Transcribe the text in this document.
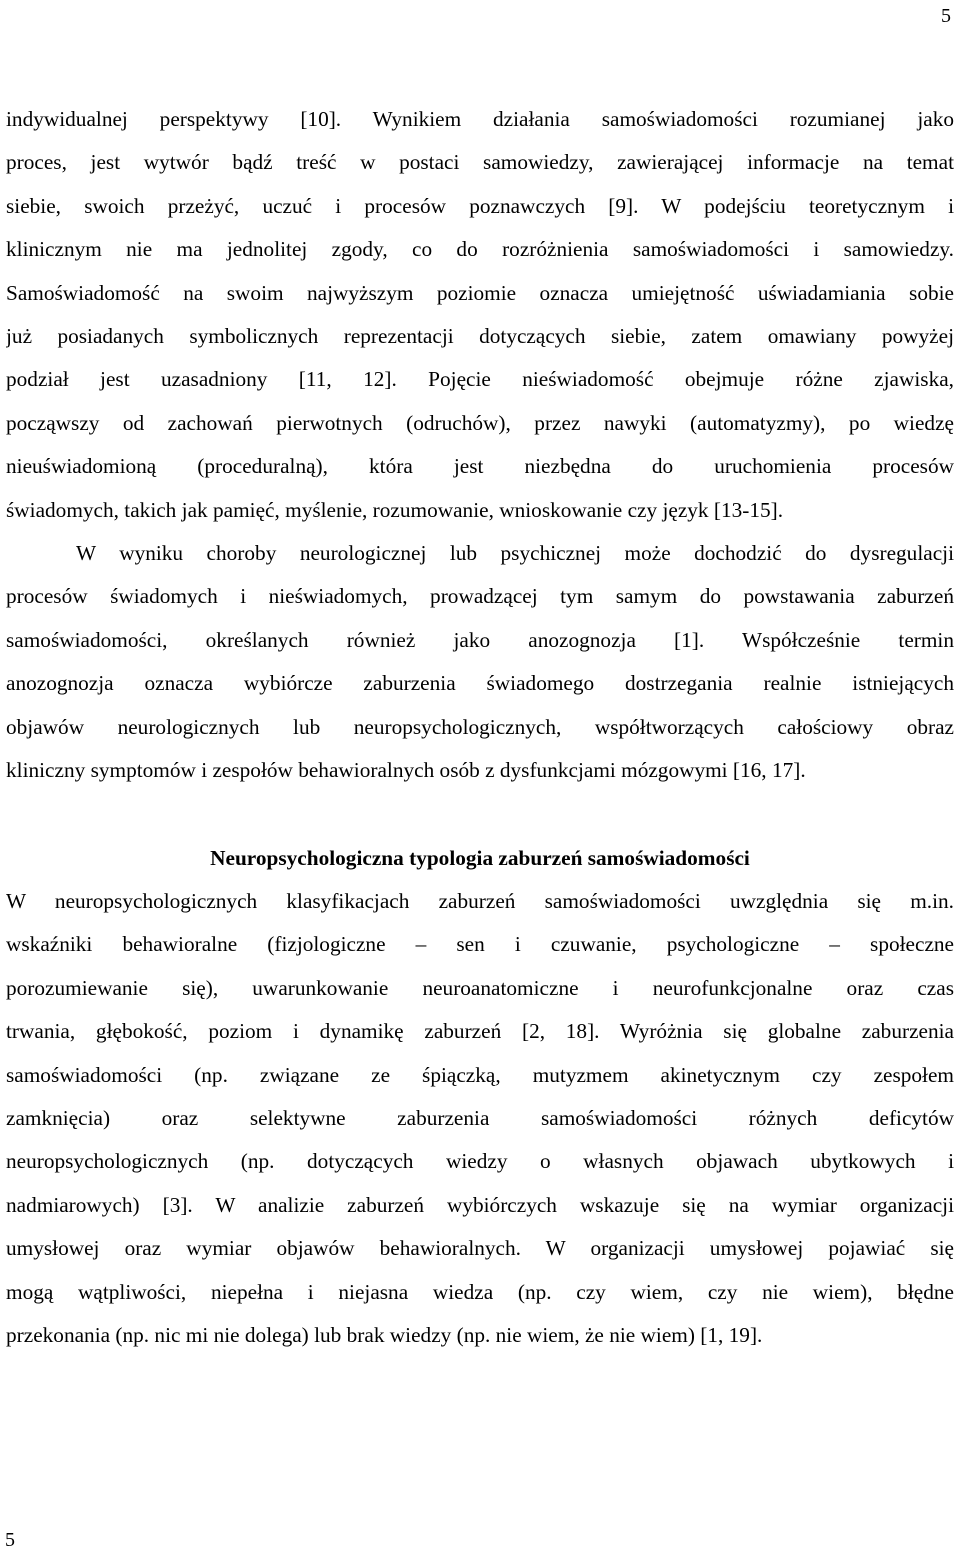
5
indywidualnej perspektywy [10]. Wynikiem działania samoświadomości rozumianej jako
proces, jest wytwór bądź treść w postaci samowiedzy, zawierającej informacje na temat
siebie, swoich przeżyć, uczuć i procesów poznawczych [9]. W podejściu teoretycznym i
klinicznym nie ma jednolitej zgody, co do rozróżnienia samoświadomości i samowiedzy.
Samoświadomość na swoim najwyższym poziomie oznacza umiejętność uświadamiania sobie
już posiadanych symbolicznych reprezentacji dotyczących siebie, zatem omawiany powyżej
podział jest uzasadniony [11, 12]. Pojęcie nieświadomość obejmuje różne zjawiska,
począwszy od zachowań pierwotnych (odruchów), przez nawyki (automatyzmy), po wiedzę
nieuświadomioną (proceduralną), która jest niezbędna do uruchomienia procesów
świadomych, takich jak pamięć, myślenie, rozumowanie, wnioskowanie czy język [13-15].
W wyniku choroby neurologicznej lub psychicznej może dochodzić do dysregulacji
procesów świadomych i nieświadomych, prowadzącej tym samym do powstawania zaburzeń
samoświadomości, określanych również jako anozognozja [1]. Współcześnie termin
anozognozja oznacza wybiórcze zaburzenia świadomego dostrzegania realnie istniejących
objawów neurologicznych lub neuropsychologicznych, współtworzących całościowy obraz
kliniczny symptomów i zespołów behawioralnych osób z dysfunkcjami mózgowymi [16, 17].
Neuropsychologiczna typologia zaburzeń samoświadomości
W neuropsychologicznych klasyfikacjach zaburzeń samoświadomości uwzględnia się m.in.
wskaźniki behawioralne (fizjologiczne – sen i czuwanie, psychologiczne – społeczne
porozumiewanie się), uwarunkowanie neuroanatomiczne i neurofunkcjonalne oraz czas
trwania, głębokość, poziom i dynamikę zaburzeń [2, 18]. Wyróżnia się globalne zaburzenia
samoświadomości (np. związane ze śpiączką, mutyzmem akinetycznym czy zespołem
zamknięcia) oraz selektywne zaburzenia samoświadomości różnych deficytów
neuropsychologicznych (np. dotyczących wiedzy o własnych objawach ubytkowych i
nadmiarowych) [3]. W analizie zaburzeń wybiórczych wskazuje się na wymiar organizacji
umysłowej oraz wymiar objawów behawioralnych. W organizacji umysłowej pojawiać się
mogą wątpliwości, niepełna i niejasna wiedza (np. czy wiem, czy nie wiem), błędne
przekonania (np. nic mi nie dolega) lub brak wiedzy (np. nie wiem, że nie wiem) [1, 19].
5
